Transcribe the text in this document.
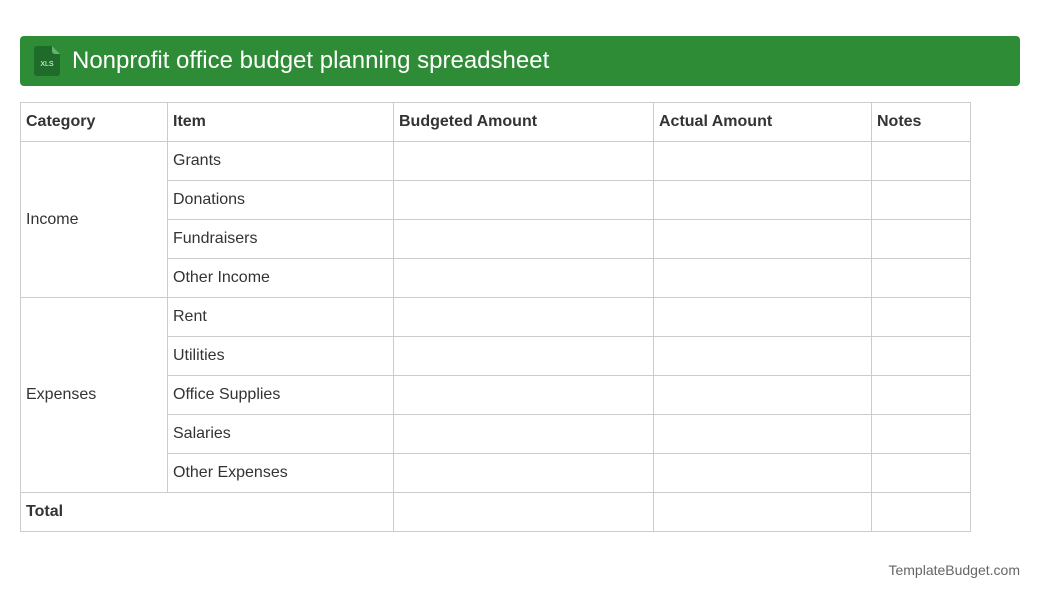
XLS Nonprofit office budget planning spreadsheet
Category	Item	Budgeted Amount	Actual Amount	Notes
Income	Grants			
	Donations			
	Fundraisers			
	Other Income			
Expenses	Rent			
	Utilities			
	Office Supplies			
	Salaries			
	Other Expenses			
Total				
TemplateBudget.com
